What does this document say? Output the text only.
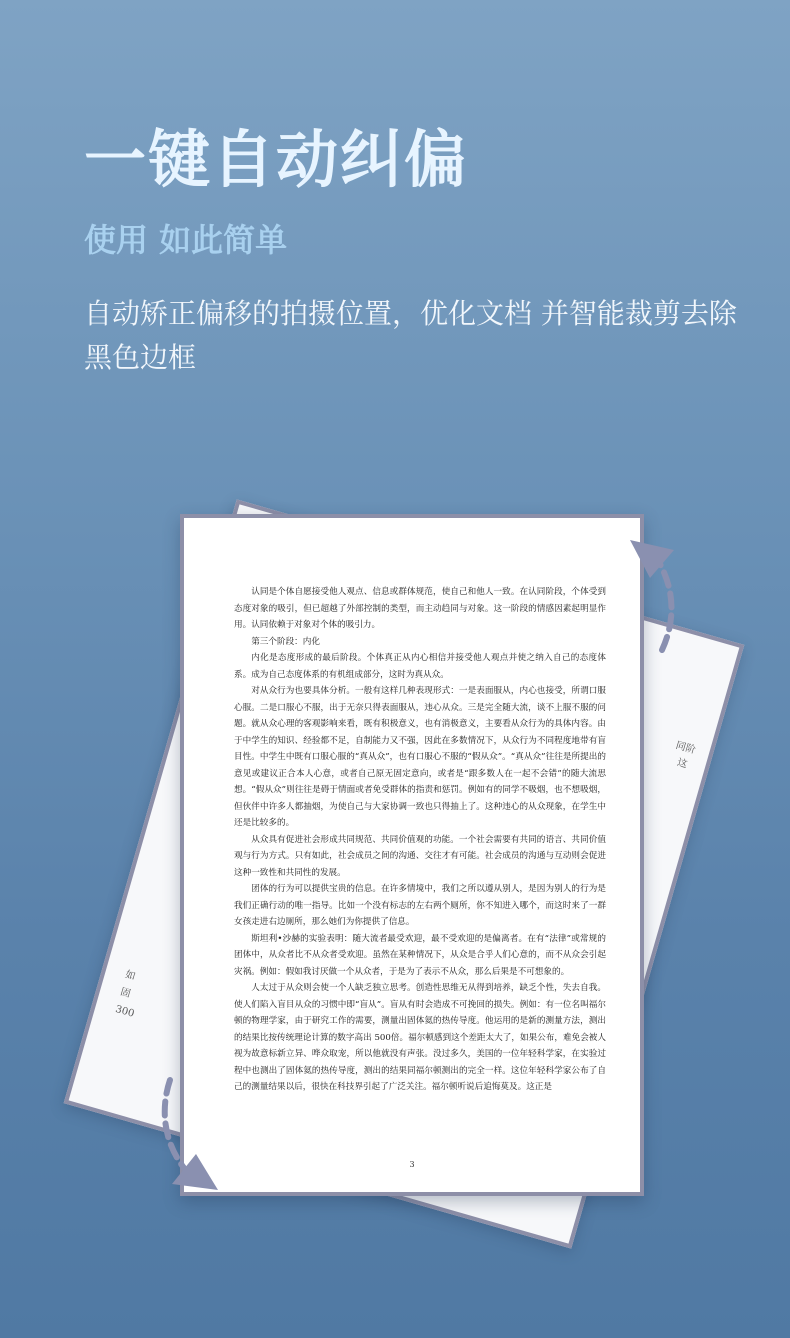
一键自动纠偏
使用 如此简单

自动矫正偏移的拍摄位置，优化文档 并智能裁剪去除黑色边框

同阶
这
如
固
300

认同是个体自愿接受他人观点、信息或群体规范，使自己和他人一致。在认同阶段，个体受到态度对象的吸引，但已超越了外部控制的类型，而主动趋同与对象。这一阶段的情感因素起明显作用。认同依赖于对象对个体的吸引力。

第三个阶段：内化

内化是态度形成的最后阶段。个体真正从内心相信并接受他人观点并使之纳入自己的态度体系。成为自己态度体系的有机组成部分，这时为真从众。

对从众行为也要具体分析。一般有这样几种表现形式：一是表面服从，内心也接受，所谓口服心服。二是口服心不服，出于无奈只得表面服从，违心从众。三是完全随大流，谈不上服不服的问题。就从众心理的客观影响来看，既有积极意义，也有消极意义，主要看从众行为的具体内容。由于中学生的知识、经验都不足，自制能力又不强，因此在多数情况下，从众行为不同程度地带有盲目性。中学生中既有口服心服的“真从众”，也有口服心不服的“假从众”。“真从众”往往是所提出的意见或建议正合本人心意，或者自己原无固定意向，或者是“跟多数人在一起不会错”的随大流思想。“假从众”则往往是碍于情面或者免受群体的指责和惩罚。例如有的同学不吸烟，也不想吸烟，但伙伴中许多人都抽烟，为使自己与大家协调一致也只得抽上了。这种违心的从众现象，在学生中还是比较多的。

从众具有促进社会形成共同规范、共同价值观的功能。一个社会需要有共同的语言、共同价值观与行为方式。只有如此，社会成员之间的沟通、交往才有可能。社会成员的沟通与互动则会促进这种一致性和共同性的发展。

团体的行为可以提供宝贵的信息。在许多情境中，我们之所以遵从别人，是因为别人的行为是我们正确行动的唯一指导。比如一个没有标志的左右两个厕所，你不知进入哪个，而这时来了一群女孩走进右边厕所，那么她们为你提供了信息。

斯坦利•沙赫的实验表明：随大流者最受欢迎，最不受欢迎的是偏离者。在有“法律”或常规的团体中，从众者比不从众者受欢迎。虽然在某种情况下，从众是合乎人们心意的，而不从众会引起灾祸。例如：假如我讨厌做一个从众者，于是为了表示不从众，那么后果是不可想象的。

人太过于从众则会使一个人缺乏独立思考。创造性思维无从得到培养，缺乏个性，失去自我。使人们陷入盲目从众的习惯中即“盲从”。盲从有时会造成不可挽回的损失。例如：有一位名叫福尔顿的物理学家，由于研究工作的需要，测量出固体氦的热传导度。他运用的是新的测量方法，测出的结果比按传统理论计算的数字高出 500倍。福尔顿感到这个差距太大了，如果公布，难免会被人视为故意标新立异、哗众取宠，所以他就没有声张。没过多久，美国的一位年轻科学家，在实验过程中也测出了固体氦的热传导度，测出的结果同福尔顿测出的完全一样。这位年轻科学家公布了自己的测量结果以后，很快在科技界引起了广泛关注。福尔顿听说后追悔莫及。这正是

3
